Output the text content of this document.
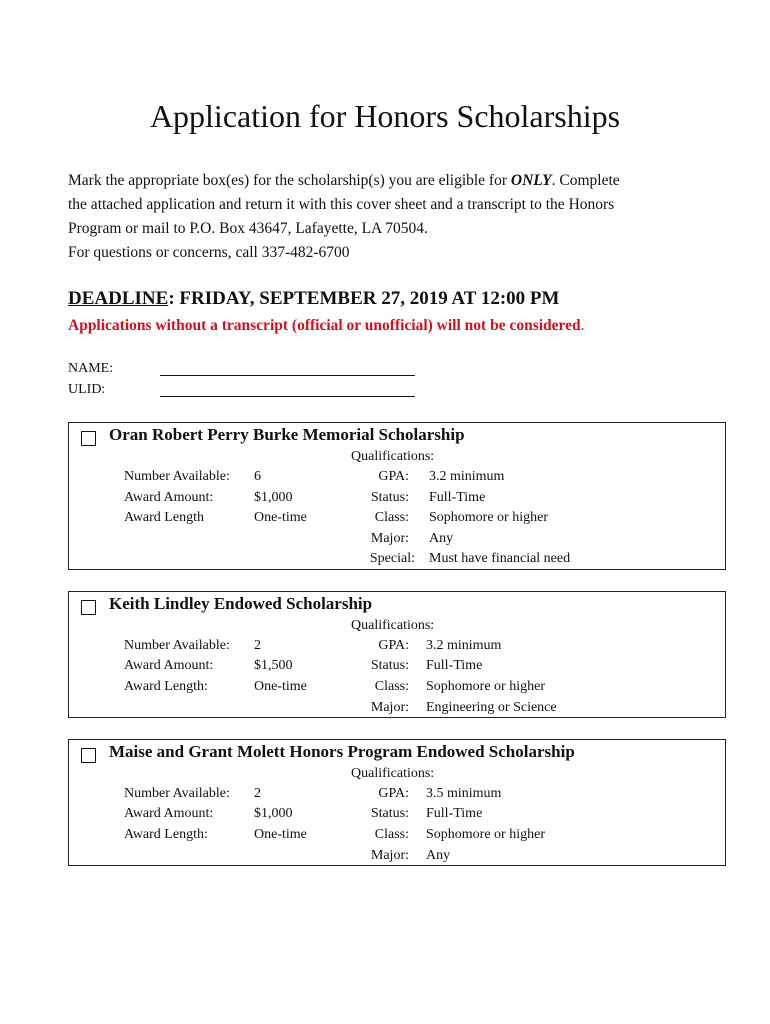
Application for Honors Scholarships

Mark the appropriate box(es) for the scholarship(s) you are eligible for ONLY. Complete

the attached application and return it with this cover sheet and a transcript to the Honors

Program or mail to P.O. Box 43647, Lafayette, LA 70504.

For questions or concerns, call 337-482-6700

DEADLINE: FRIDAY, SEPTEMBER 27, 2019 AT 12:00 PM
Applications without a transcript (official or unofficial) will not be considered.
NAME:
ULID:
Oran Robert Perry Burke Memorial Scholarship
Qualifications:
Number Available: 6
Award Amount:	$1,000
Award Length	One-time
GPA: 3.2 minimum
Status: Full-Time
Class: Sophomore or higher
Major: Any
Special: Must have financial need
Keith Lindley Endowed Scholarship
Qualifications:
Number Available: 2
Award Amount:	$1,500
Award Length:	One-time
GPA: 3.2 minimum
Status: Full-Time
Class: Sophomore or higher
Major: Engineering or Science
Maise and Grant Molett Honors Program Endowed Scholarship
Qualifications:
Number Available: 2
Award Amount:	$1,000
Award Length:	One-time
GPA: 3.5 minimum
Status: Full-Time
Class: Sophomore or higher
Major: Any
